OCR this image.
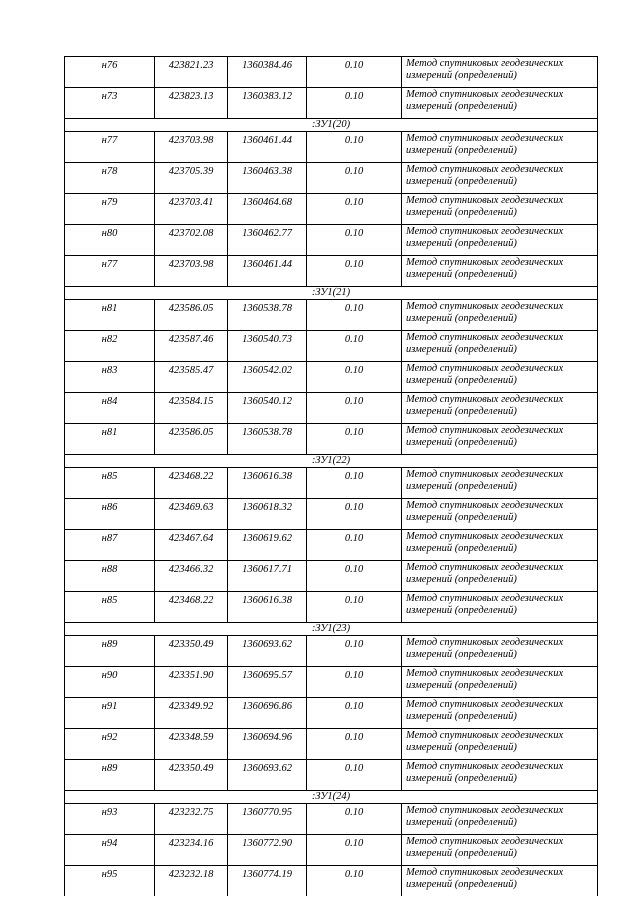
н76	423821.23	1360384.46	0.10	Метод спутниковых геодезических измерений (определений)
н73	423823.13	1360383.12	0.10	Метод спутниковых геодезических измерений (определений)
:ЗУ1(20)				
н77	423703.98	1360461.44	0.10	Метод спутниковых геодезических измерений (определений)
н78	423705.39	1360463.38	0.10	Метод спутниковых геодезических измерений (определений)
н79	423703.41	1360464.68	0.10	Метод спутниковых геодезических измерений (определений)
н80	423702.08	1360462.77	0.10	Метод спутниковых геодезических измерений (определений)
н77	423703.98	1360461.44	0.10	Метод спутниковых геодезических измерений (определений)
:ЗУ1(21)				
н81	423586.05	1360538.78	0.10	Метод спутниковых геодезических измерений (определений)
н82	423587.46	1360540.73	0.10	Метод спутниковых геодезических измерений (определений)
н83	423585.47	1360542.02	0.10	Метод спутниковых геодезических измерений (определений)
н84	423584.15	1360540.12	0.10	Метод спутниковых геодезических измерений (определений)
н81	423586.05	1360538.78	0.10	Метод спутниковых геодезических измерений (определений)
:ЗУ1(22)				
н85	423468.22	1360616.38	0.10	Метод спутниковых геодезических измерений (определений)
н86	423469.63	1360618.32	0.10	Метод спутниковых геодезических измерений (определений)
н87	423467.64	1360619.62	0.10	Метод спутниковых геодезических измерений (определений)
н88	423466.32	1360617.71	0.10	Метод спутниковых геодезических измерений (определений)
н85	423468.22	1360616.38	0.10	Метод спутниковых геодезических измерений (определений)
:ЗУ1(23)				
н89	423350.49	1360693.62	0.10	Метод спутниковых геодезических измерений (определений)
н90	423351.90	1360695.57	0.10	Метод спутниковых геодезических измерений (определений)
н91	423349.92	1360696.86	0.10	Метод спутниковых геодезических измерений (определений)
н92	423348.59	1360694.96	0.10	Метод спутниковых геодезических измерений (определений)
н89	423350.49	1360693.62	0.10	Метод спутниковых геодезических измерений (определений)
:ЗУ1(24)				
н93	423232.75	1360770.95	0.10	Метод спутниковых геодезических измерений (определений)
н94	423234.16	1360772.90	0.10	Метод спутниковых геодезических измерений (определений)
н95	423232.18	1360774.19	0.10	Метод спутниковых геодезических измерений (определений)
